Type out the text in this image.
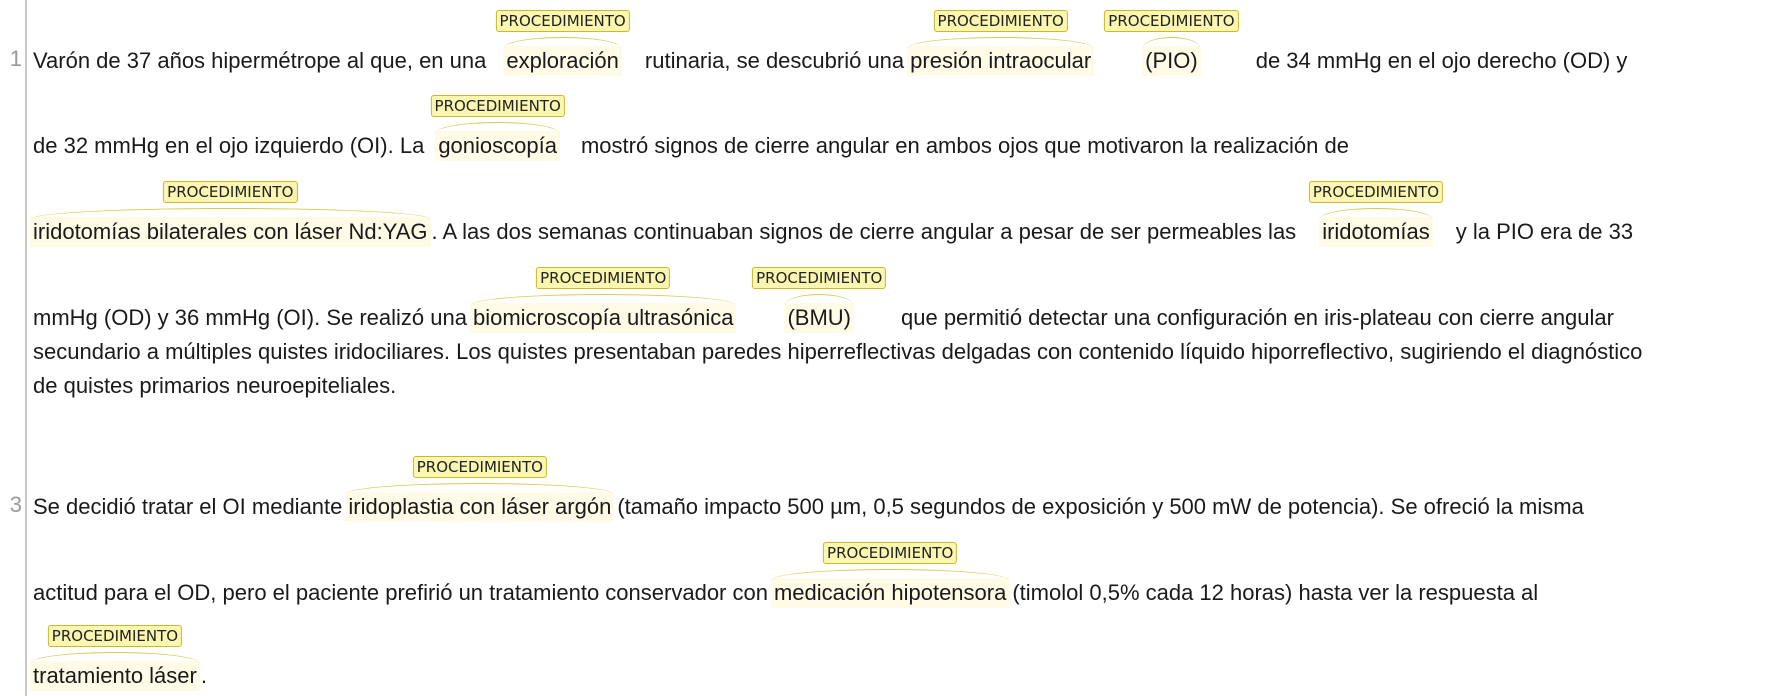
1
3
Varón de 37 años hipermétrope al que, en una
PROCEDIMIENTO
exploración rutinaria, se descubrió una
PROCEDIMIENTO
presión intraocular
PROCEDIMIENTO
(PIO)	de 34 mmHg en el ojo derecho (OD) y
de 32 mmHg en el ojo izquierdo (OI). La
PROCEDIMIENTO
gonioscopía mostró signos de cierre angular en ambos ojos que motivaron la realización de
PROCEDIMIENTO
iridotomías bilaterales con láser Nd:YAG . A las dos semanas continuaban signos de cierre angular a pesar de ser permeables las
PROCEDIMIENTO
iridotomías y la PIO era de 33
mmHg (OD) y 36 mmHg (OI). Se realizó una
PROCEDIMIENTO
biomicroscopía ultrasónica
PROCEDIMIENTO
(BMU) que permitió detectar una configuración en iris-plateau con cierre angular
secundario a múltiples quistes iridociliares. Los quistes presentaban paredes hiperreflectivas delgadas con contenido líquido hiporreflectivo, sugiriendo el diagnóstico
de quistes primarios neuroepiteliales.
Se decidió tratar el OI mediante
PROCEDIMIENTO
iridoplastia con láser argón (tamaño impacto 500 µm, 0,5 segundos de exposición y 500 mW de potencia). Se ofreció la misma
actitud para el OD, pero el paciente prefirió un tratamiento conservador con
PROCEDIMIENTO
medicación hipotensora (timolol 0,5% cada 12 horas) hasta ver la respuesta al
PROCEDIMIENTO
tratamiento láser .
